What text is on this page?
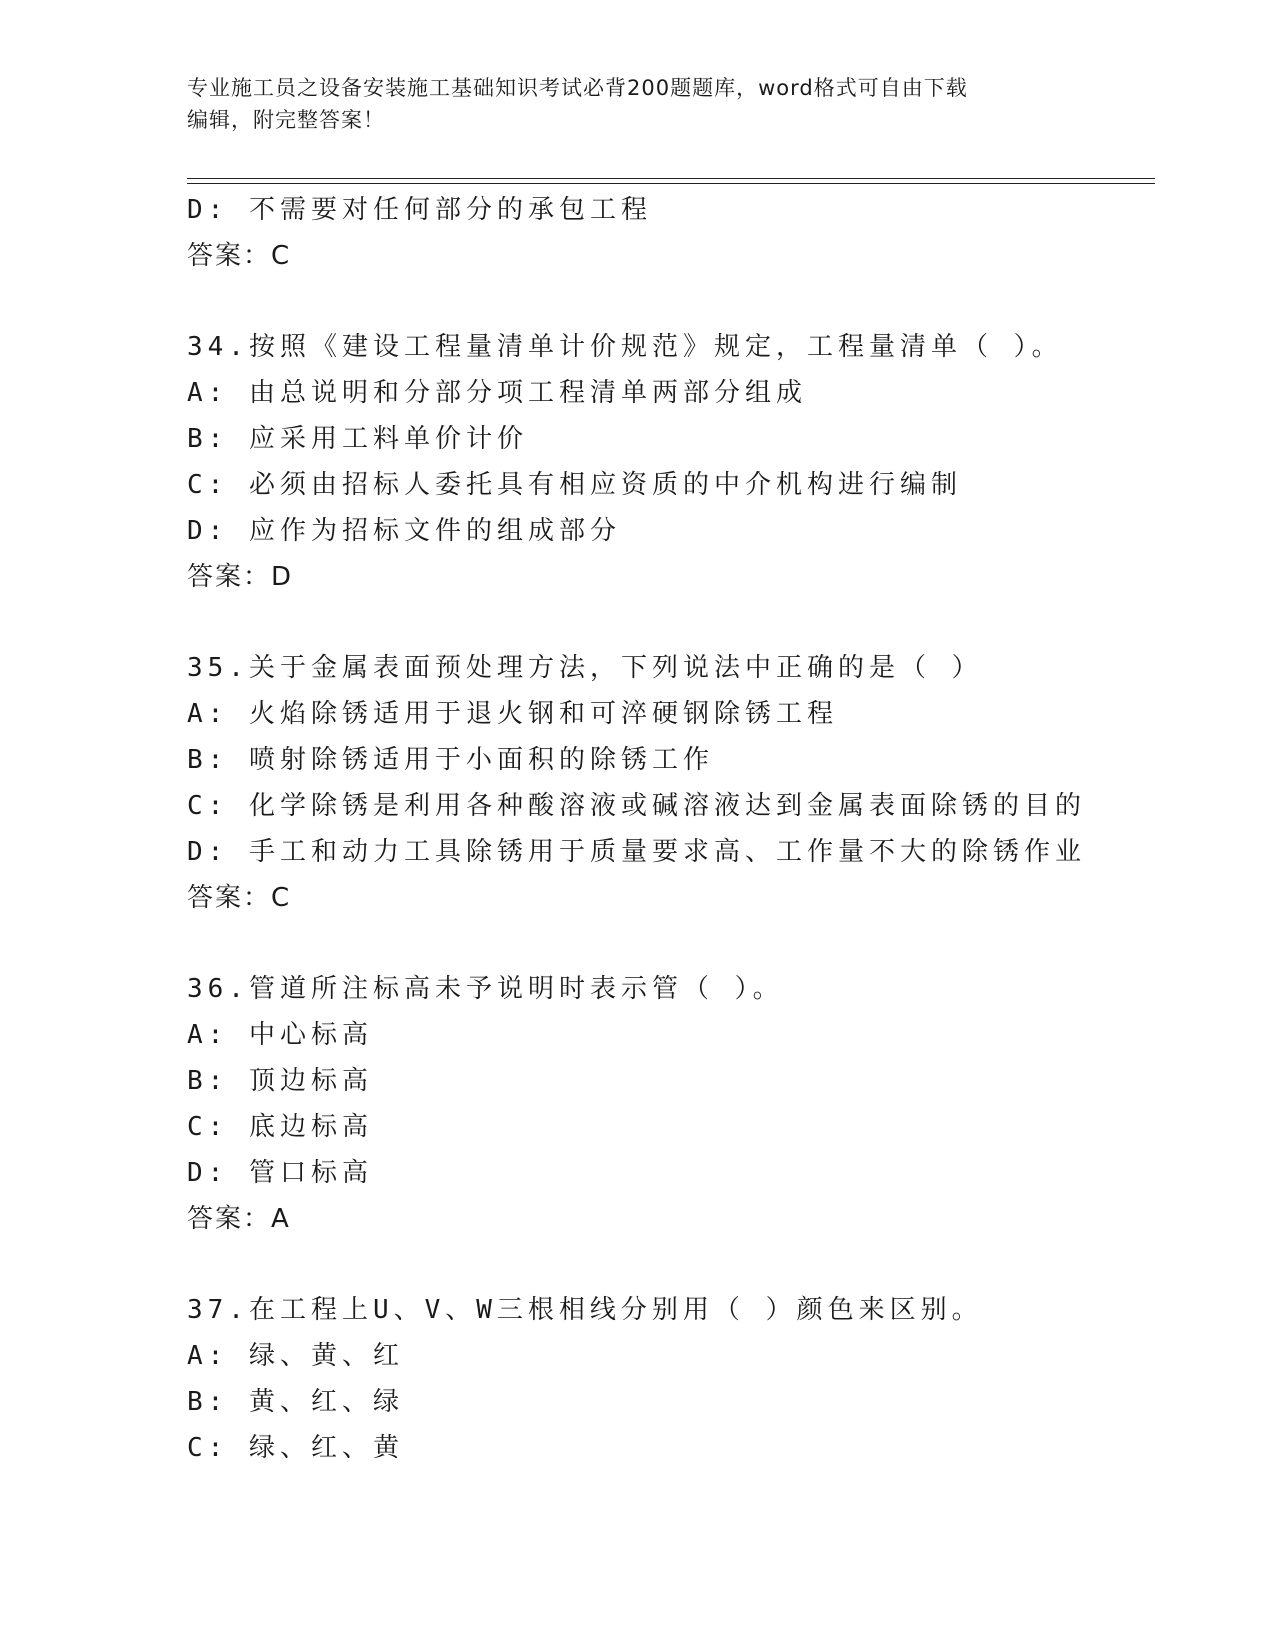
专业施工员之设备安装施工基础知识考试必背200题题库，word格式可自由下载
编辑，附完整答案！
D: 不需要对任何部分的承包工程
答案：C
34.按照《建设工程量清单计价规范》规定，工程量清单（ ）。
A: 由总说明和分部分项工程清单两部分组成
B: 应采用工料单价计价
C: 必须由招标人委托具有相应资质的中介机构进行编制
D: 应作为招标文件的组成部分
答案：D
35.关于金属表面预处理方法，下列说法中正确的是（ ）
A: 火焰除锈适用于退火钢和可淬硬钢除锈工程
B: 喷射除锈适用于小面积的除锈工作
C: 化学除锈是利用各种酸溶液或碱溶液达到金属表面除锈的目的
D: 手工和动力工具除锈用于质量要求高、工作量不大的除锈作业
答案：C
36.管道所注标高未予说明时表示管（ ）。
A: 中心标高
B: 顶边标高
C: 底边标高
D: 管口标高
答案：A
37.在工程上U、V、W三根相线分别用（ ）颜色来区别。
A: 绿、黄、红
B: 黄、红、绿
C: 绿、红、黄
